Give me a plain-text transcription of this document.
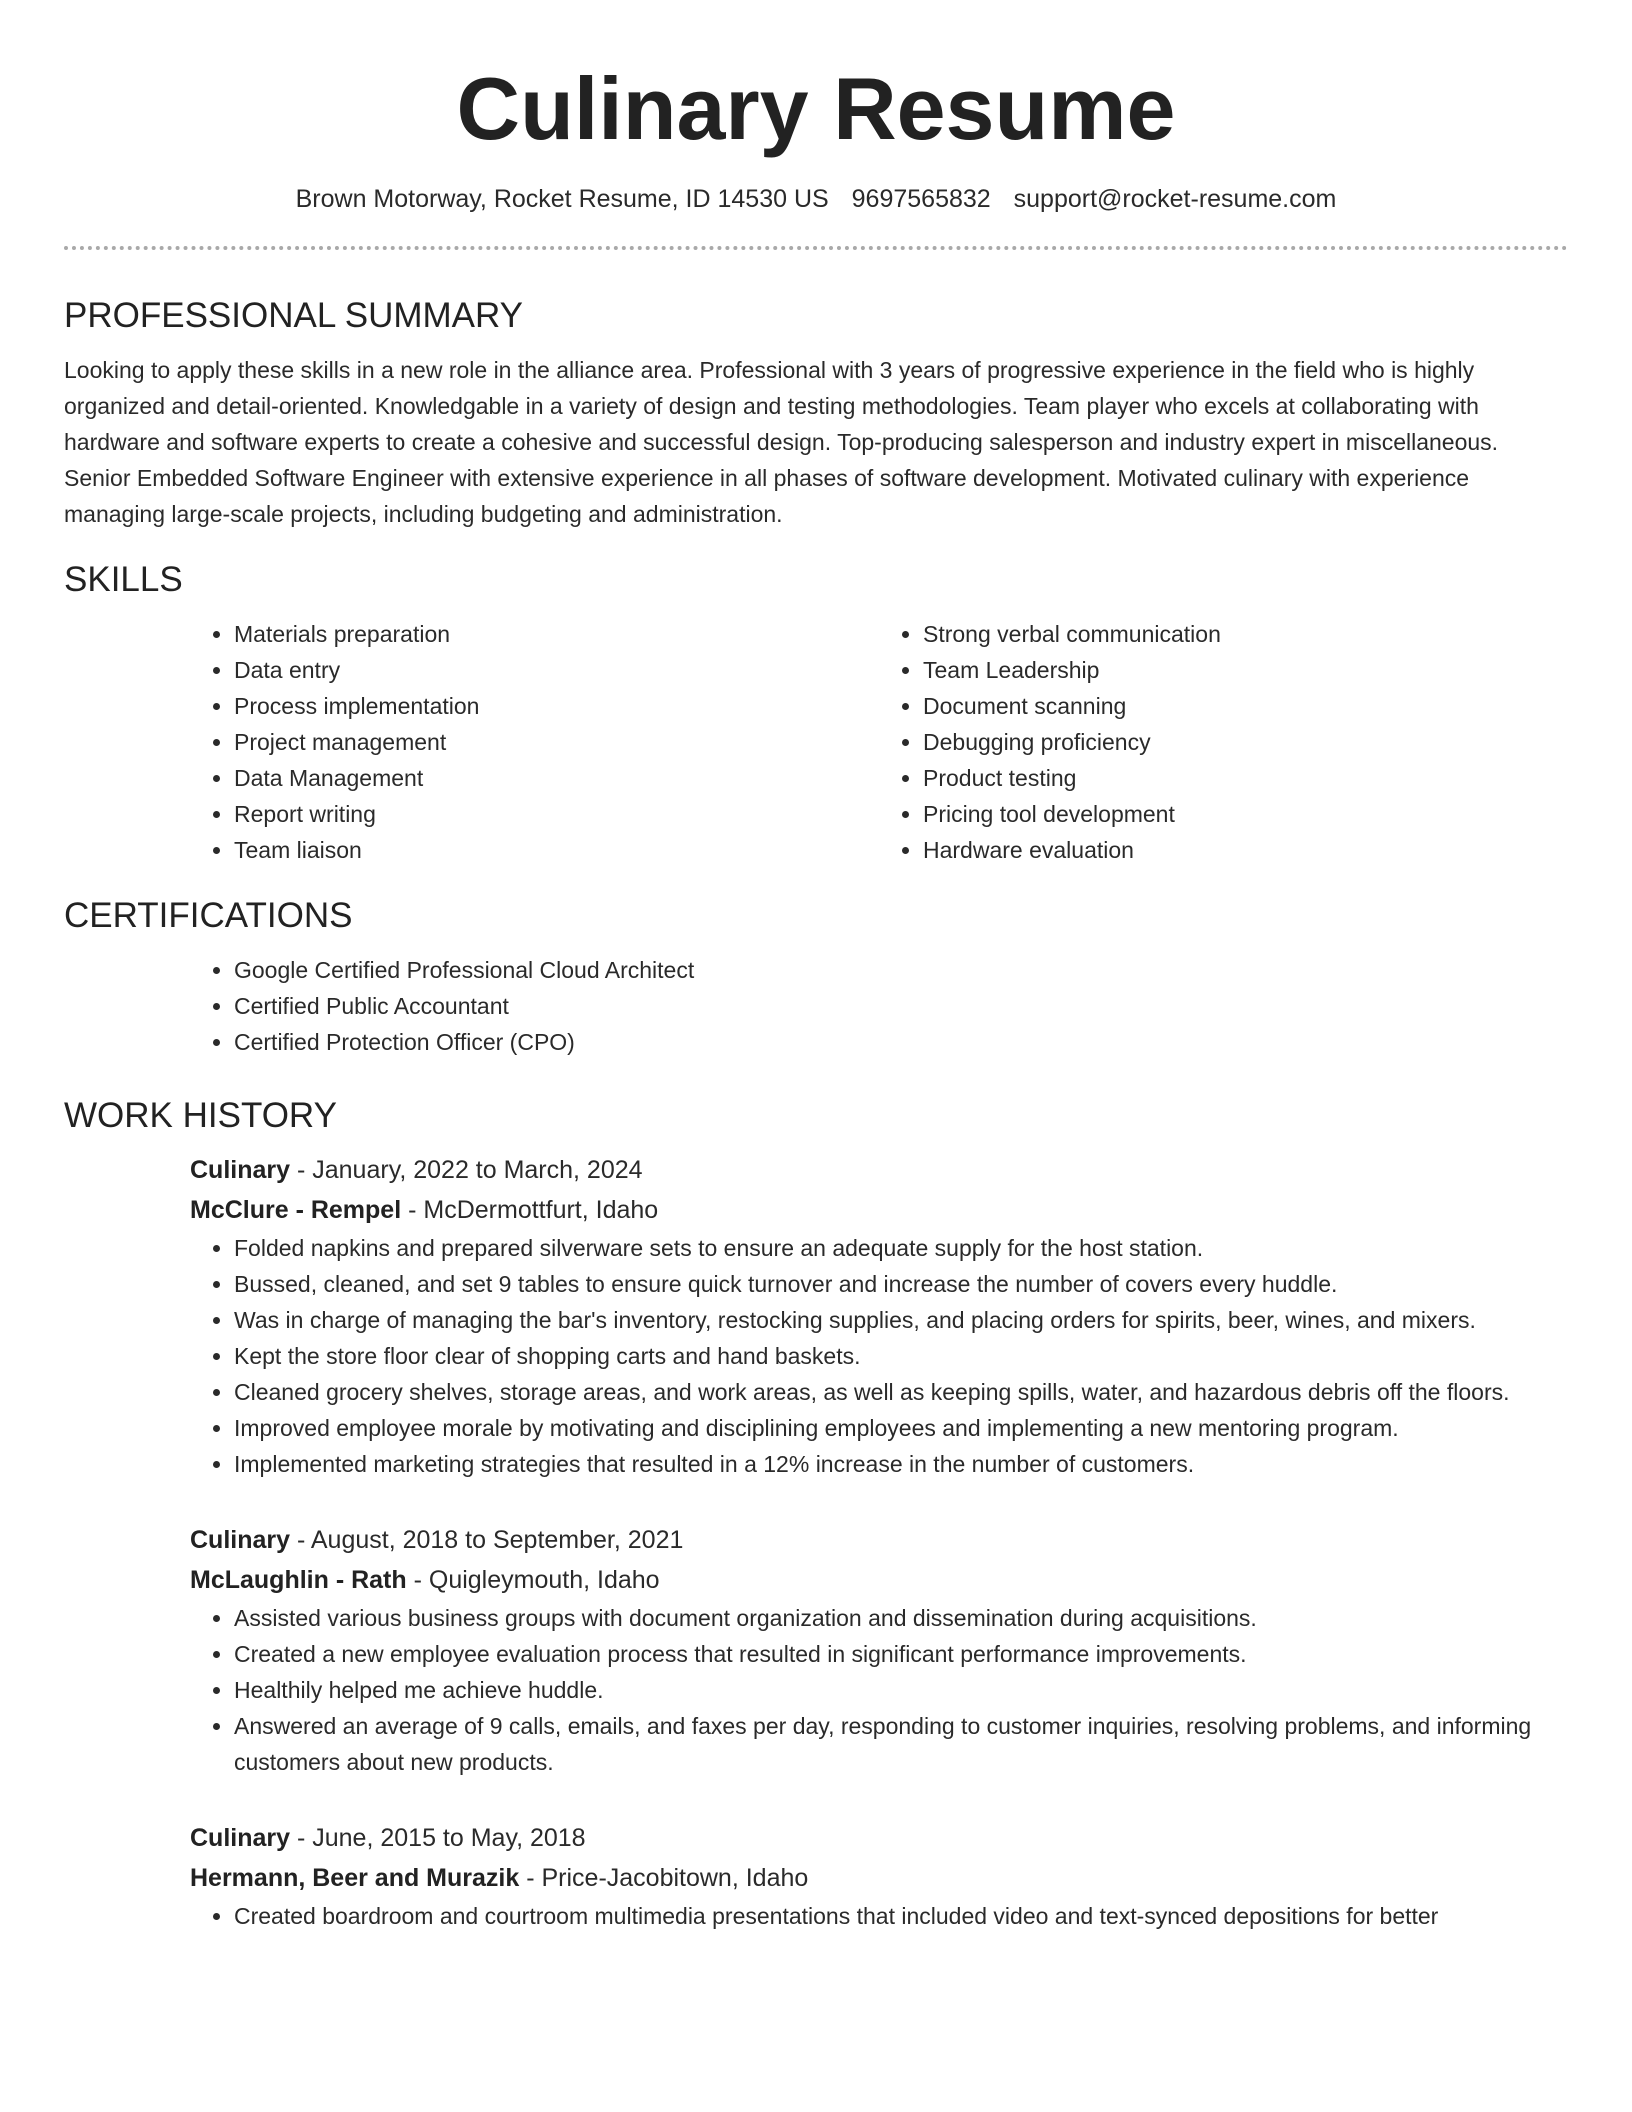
Culinary Resume
Brown Motorway, Rocket Resume, ID 14530 US 9697565832 support@rocket-resume.com
PROFESSIONAL SUMMARY

Looking to apply these skills in a new role in the alliance area. Professional with 3 years of progressive experience in the field who is highly organized and detail-oriented. Knowledgable in a variety of design and testing methodologies. Team player who excels at collaborating with hardware and software experts to create a cohesive and successful design. Top-producing salesperson and industry expert in miscellaneous. Senior Embedded Software Engineer with extensive experience in all phases of software development. Motivated culinary with experience managing large-scale projects, including budgeting and administration.

SKILLS
• Materials preparation
• Data entry
• Process implementation
• Project management
• Data Management
• Report writing
• Team liaison
• Strong verbal communication
• Team Leadership
• Document scanning
• Debugging proficiency
• Product testing
• Pricing tool development
• Hardware evaluation
CERTIFICATIONS
• Google Certified Professional Cloud Architect
• Certified Public Accountant
• Certified Protection Officer (CPO)
WORK HISTORY
Culinary - January, 2022 to March, 2024
McClure - Rempel - McDermottfurt, Idaho
• Folded napkins and prepared silverware sets to ensure an adequate supply for the host station.
• Bussed, cleaned, and set 9 tables to ensure quick turnover and increase the number of covers every huddle.
• Was in charge of managing the bar's inventory, restocking supplies, and placing orders for spirits, beer, wines, and mixers.
• Kept the store floor clear of shopping carts and hand baskets.
• Cleaned grocery shelves, storage areas, and work areas, as well as keeping spills, water, and hazardous debris off the floors.
• Improved employee morale by motivating and disciplining employees and implementing a new mentoring program.
• Implemented marketing strategies that resulted in a 12% increase in the number of customers.
Culinary - August, 2018 to September, 2021
McLaughlin - Rath - Quigleymouth, Idaho
• Assisted various business groups with document organization and dissemination during acquisitions.
• Created a new employee evaluation process that resulted in significant performance improvements.
• Healthily helped me achieve huddle.
• Answered an average of 9 calls, emails, and faxes per day, responding to customer inquiries, resolving problems, and informing customers about new products.
Culinary - June, 2015 to May, 2018
Hermann, Beer and Murazik - Price-Jacobitown, Idaho
• Created boardroom and courtroom multimedia presentations that included video and text-synced depositions for better
